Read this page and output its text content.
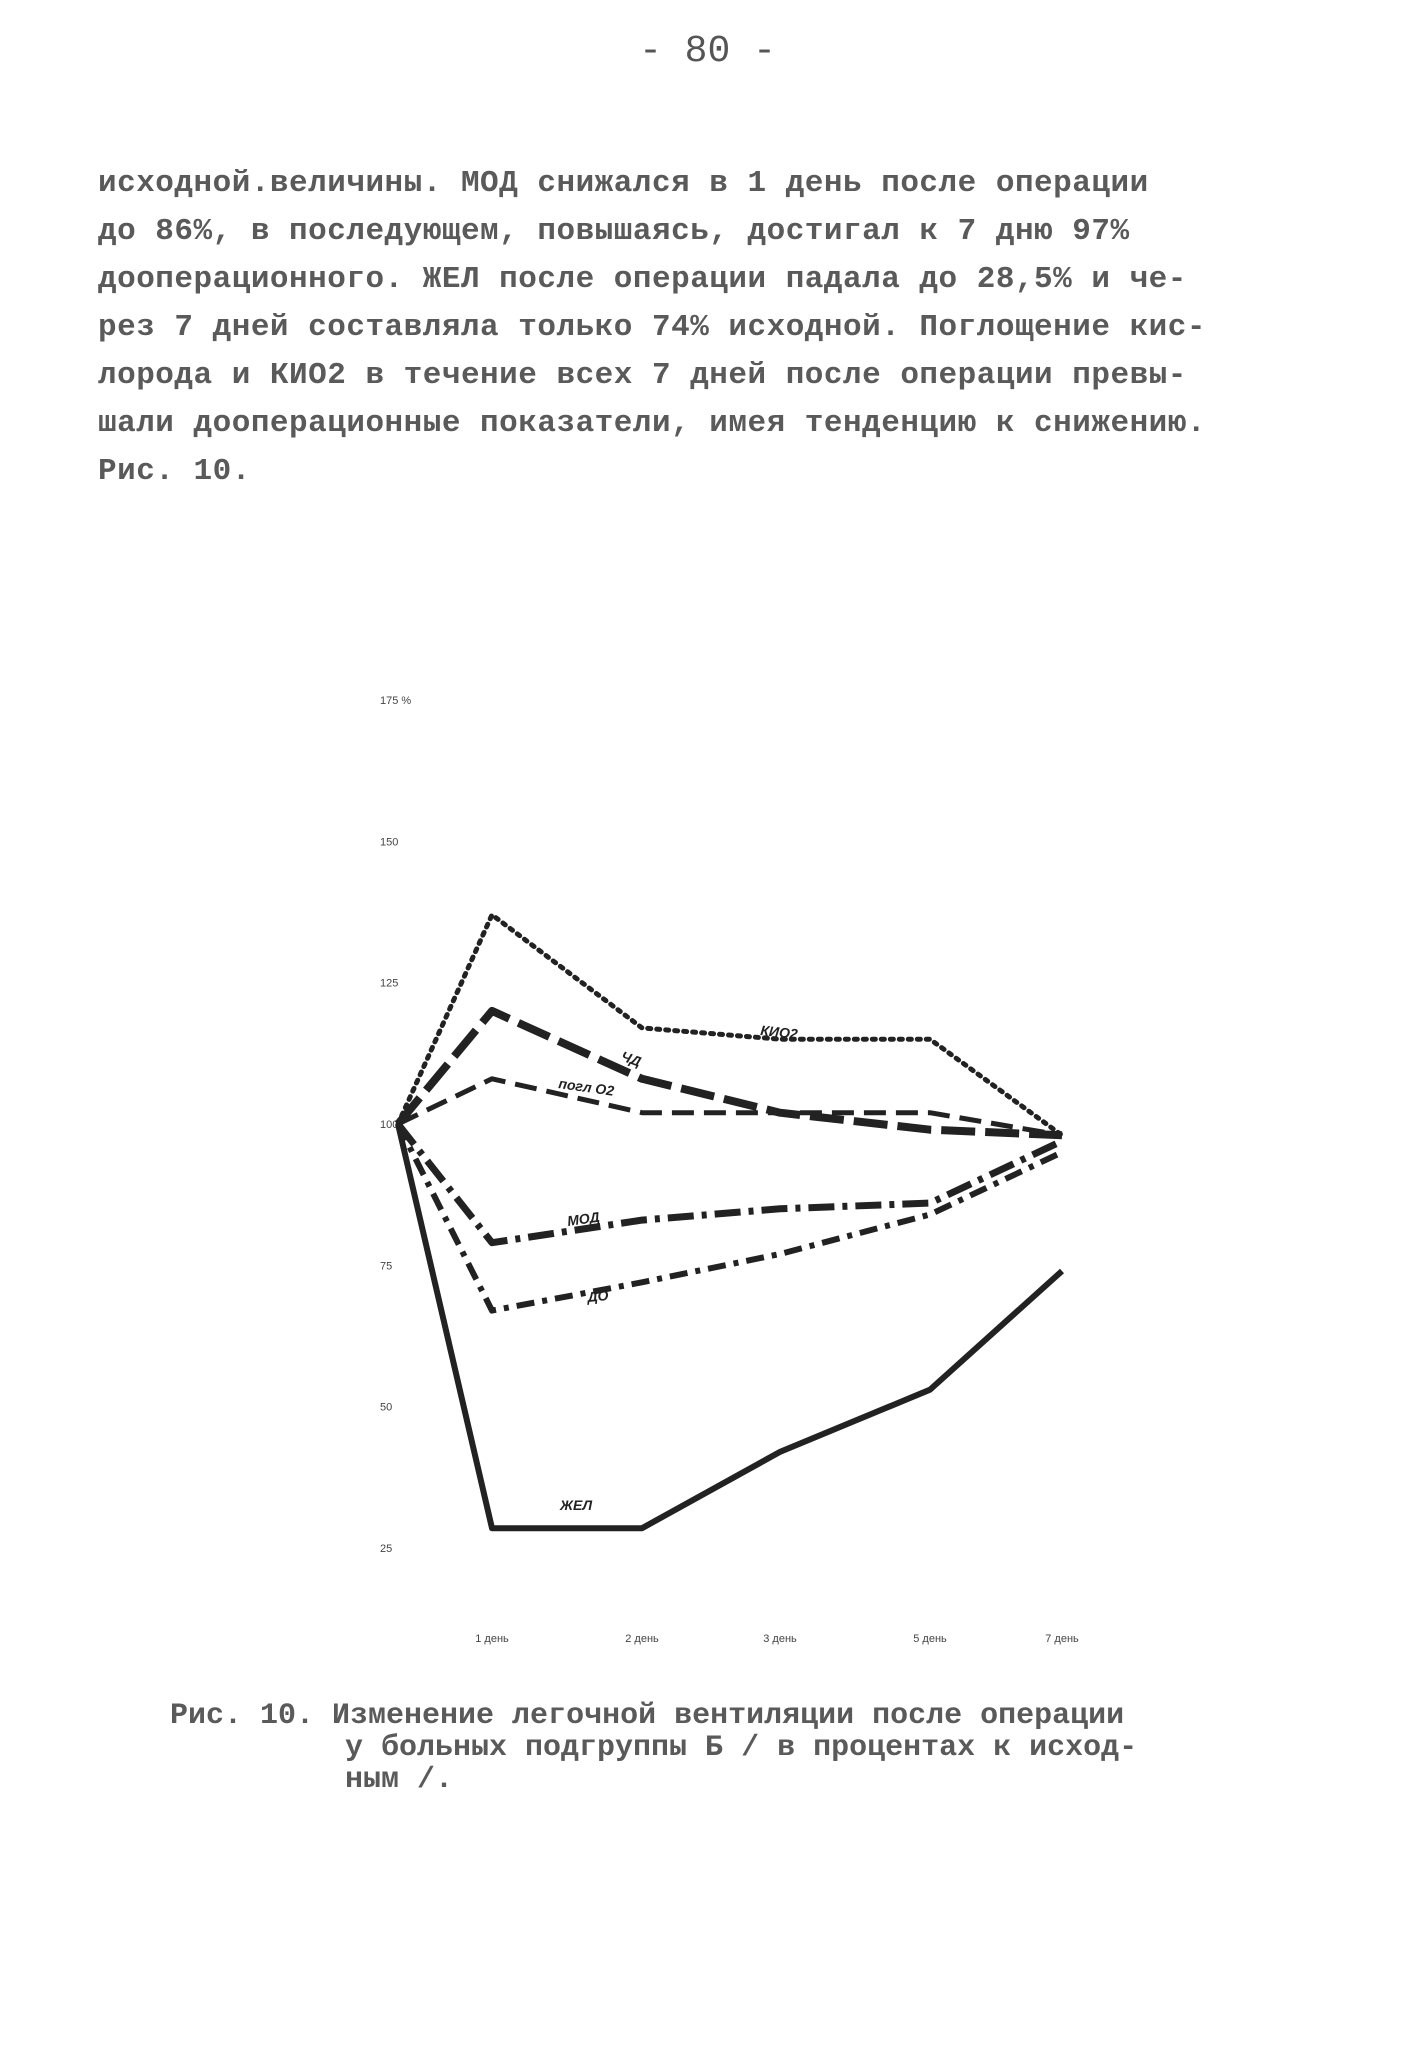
- 80 -
исходной.величины. МОД снижался в 1 день после операции
до 86%, в последующем, повышаясь, достигал к 7 дню 97%
дооперационного. ЖЕЛ после операции падала до 28,5% и че-
рез 7 дней составляла только 74% исходной. Поглощение кис-
лорода и КИО2 в течение всех 7 дней после операции превы-
шали дооперационные показатели, имея тенденцию к снижению.
Рис. 10.
25
50
75
100
125
150
175 %
1 день	2 день	3 день	5 день	7 день
КИО2
ЧД
погл О2
МОД
ДО
ЖЕЛ
Рис. 10. Изменение легочной вентиляции после операции
у больных подгруппы Б / в процентах к исход-
ным /.
